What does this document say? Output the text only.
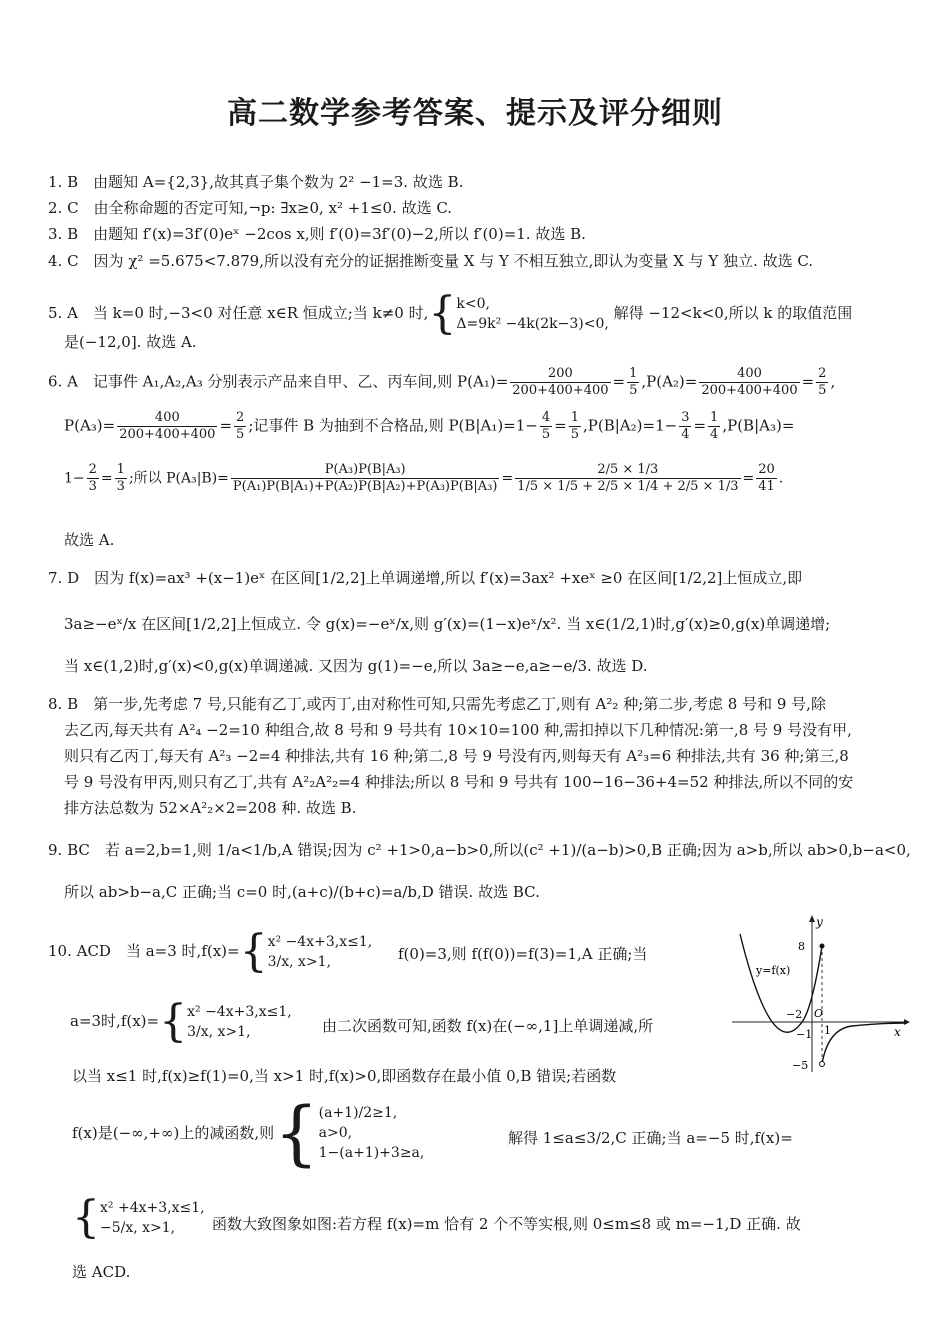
高二数学参考答案、提示及评分细则
1. B　由题知 A={2,3},故其真子集个数为 2² −1=3. 故选 B.
2. C　由全称命题的否定可知,¬p: ∃x≥0, x² +1≤0. 故选 C.
3. B　由题知 f′(x)=3f′(0)eˣ −2cos x,则 f′(0)=3f′(0)−2,所以 f′(0)=1. 故选 B.
4. C　因为 χ² =5.675<7.879,所以没有充分的证据推断变量 X 与 Y 不相互独立,即认为变量 X 与 Y 独立. 故选 C.
5. A　当 k=0 时,−3<0 对任意 x∈R 恒成立;当 k≠0 时,{ k<0,
Δ=9k² −4k(2k−3)<0,
解得 −12<k<0,所以 k 的取值范围
是(−12,0]. 故选 A.
6. A　记事件 A₁,A₂,A₃ 分别表示产品来自甲、乙、丙车间,则 $P(A_1)= \frac{200}{200+400+400} = \frac{1}{5} ,P(A_2)= \frac{400}{200+400+400} = \frac{2}{5}$ ,
$P(A_3)= \frac{400}{200+400+400} = \frac{2}{5}$ ;记事件 B 为抽到不合格品,则 $P(B|A_1)=1- \frac{4}{5} = \frac{1}{5} ,P(B|A_2)=1- \frac{3}{4} = \frac{1}{4} ,P(B|A_3)=$
$1- \frac{2}{3} = \frac{1}{3}$ ;所以 $P(A_3|B)= \frac{\text{P(A₃)P(B|A₃)}}{\text{P(A₁)P(B|A₁)+P(A₂)P(B|A₂)+P(A₃)P(B|A₃)}} = \frac{2/5 \times 1/3}{1/5 \times 1/5 + 2/5 \times 1/4 + 2/5 \times 1/3} = \frac{20}{41}$ .
故选 A.
7. D　因为 f(x)=ax³ +(x−1)eˣ 在区间[1/2,2]上单调递增,所以 f′(x)=3ax² +xeˣ ≥0 在区间[1/2,2]上恒成立,即
3a≥−eˣ/x 在区间[1/2,2]上恒成立. 令 g(x)=−eˣ/x,则 g′(x)=(1−x)eˣ/x². 当 x∈(1/2,1)时,g′(x)≥0,g(x)单调递增;
当 x∈(1,2)时,g′(x)<0,g(x)单调递减. 又因为 g(1)=−e,所以 3a≥−e,a≥−e/3. 故选 D.
8. B　第一步,先考虑 7 号,只能有乙丁,或丙丁,由对称性可知,只需先考虑乙丁,则有 A²₂ 种;第二步,考虑 8 号和 9 号,除
去乙丙,每天共有 A²₄ −2=10 种组合,故 8 号和 9 号共有 10×10=100 种,需扣掉以下几种情况:第一,8 号 9 号没有甲,
则只有乙丙丁,每天有 A²₃ −2=4 种排法,共有 16 种;第二,8 号 9 号没有丙,则每天有 A²₃=6 种排法,共有 36 种;第三,8
号 9 号没有甲丙,则只有乙丁,共有 A²₂A²₂=4 种排法;所以 8 号和 9 号共有 100−16−36+4=52 种排法,所以不同的安
排方法总数为 52×A²₂×2=208 种. 故选 B.
9. BC　若 a=2,b=1,则 1/a<1/b,A 错误;因为 c² +1>0,a−b>0,所以(c² +1)/(a−b)>0,B 正确;因为 a>b,所以 ab>0,b−a<0,
所以 ab>b−a,C 正确;当 c=0 时,(a+c)/(b+c)=a/b,D 错误. 故选 BC.
10. ACD　当 a=3 时,f(x)={ x² −4x+3,x≤1,
3/x, x>1,	f(0)=3,则 f(f(0))=f(3)=1,A 正确;当
a=3时,f(x)={ x² −4x+3,x≤1,
3/x, x>1,	由二次函数可知,函数 f(x)在(−∞,1]上单调递减,所
以当 x≤1 时,f(x)≥f(1)=0,当 x>1 时,f(x)>0,即函数存在最小值 0,B 错误;若函数
f(x)是(−∞,+∞)上的减函数,则{ (a+1)/2≥1,
a>0,
1−(a+1)+3≥a,
解得 1≤a≤3/2,C 正确;当 a=−5 时,f(x)=
{ x² +4x+3,x≤1,
−5/x, x>1,	函数大致图象如图:若方程 f(x)=m 恰有 2 个不等实根,则 0≤m≤8 或 m=−1,D 正确. 故
选 ACD.
y
x
O
y=f(x)
8
−2
−1 1
−5
